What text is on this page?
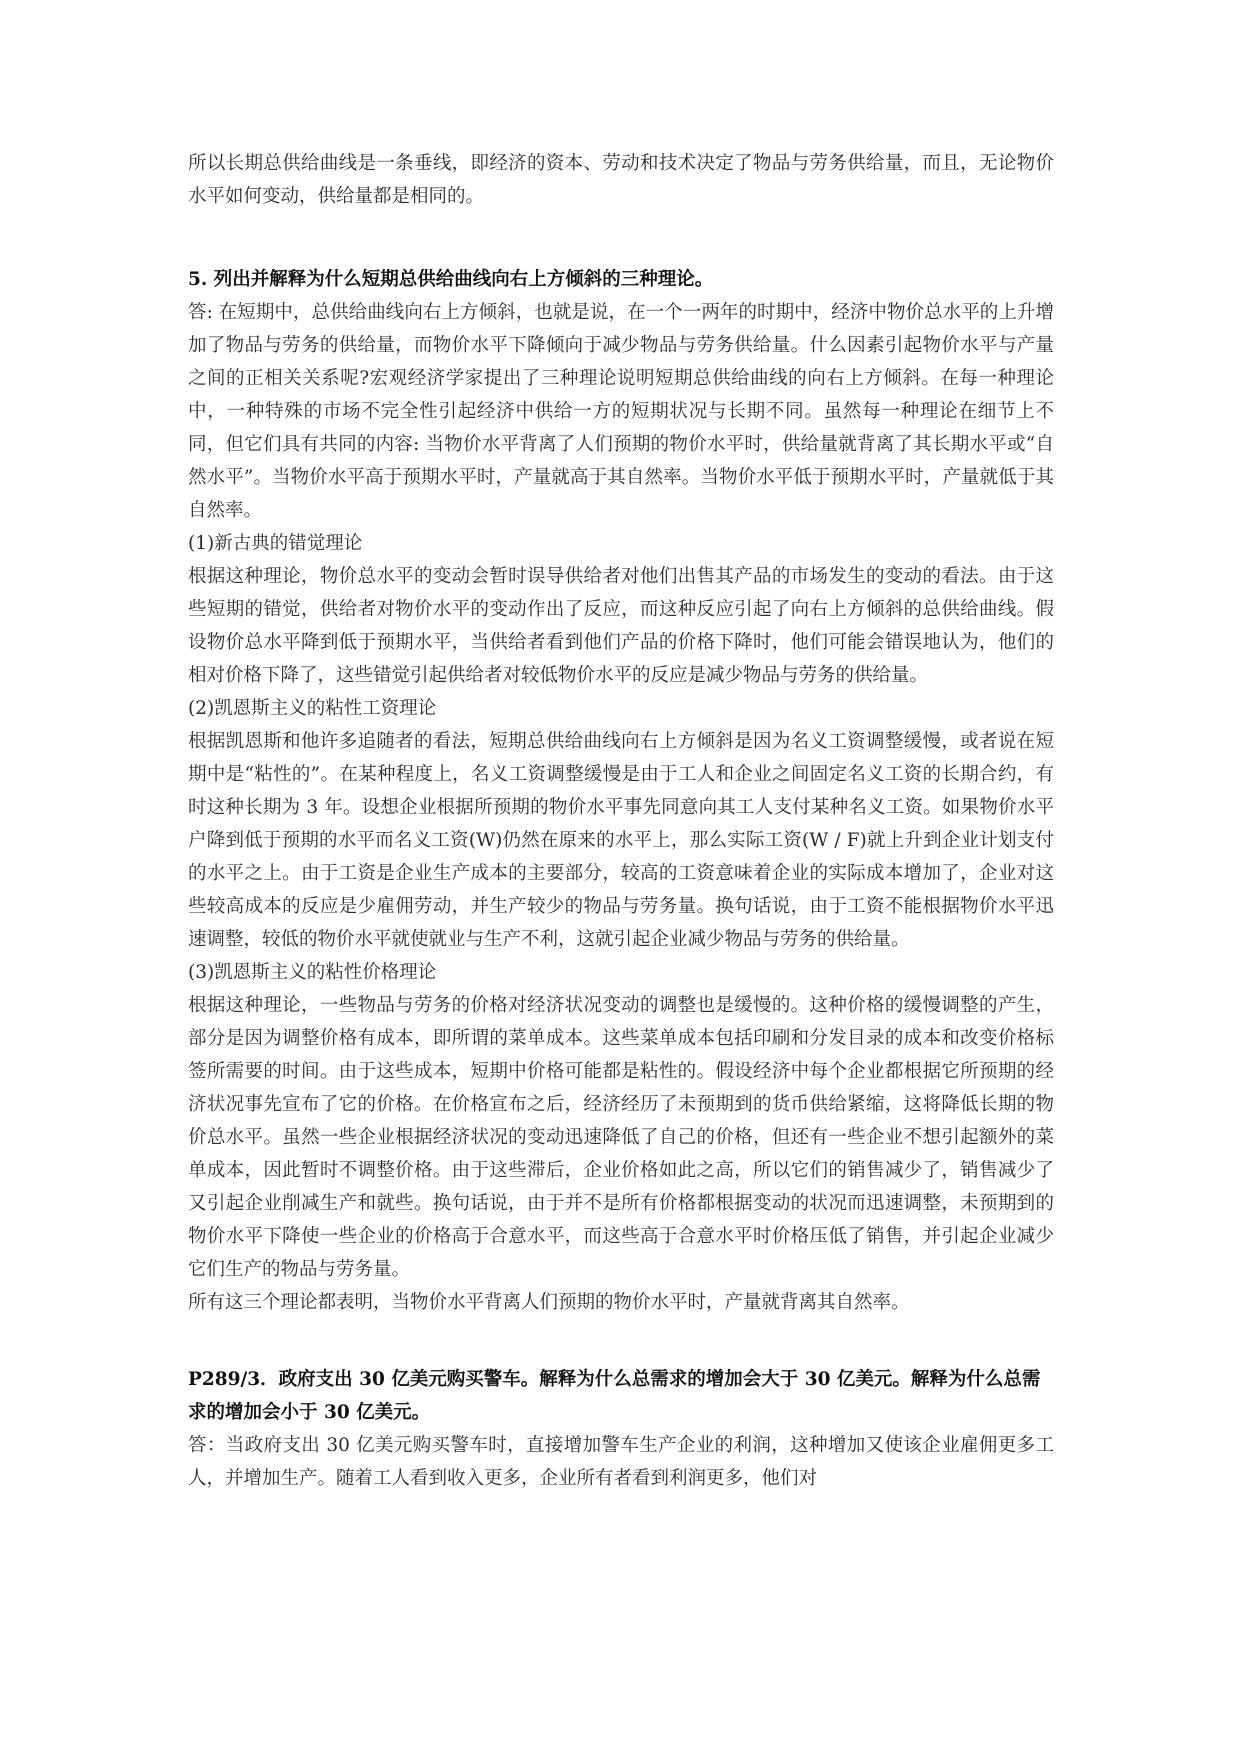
所以长期总供给曲线是一条垂线，即经济的资本、劳动和技术决定了物品与劳务供给量，而且，无论物价水平如何变动，供给量都是相同的。

5. 列出并解释为什么短期总供给曲线向右上方倾斜的三种理论。

答: 在短期中，总供给曲线向右上方倾斜，也就是说，在一个一两年的时期中，经济中物价总水平的上升增加了物品与劳务的供给量，而物价水平下降倾向于减少物品与劳务供给量。什么因素引起物价水平与产量之间的正相关关系呢?宏观经济学家提出了三种理论说明短期总供给曲线的向右上方倾斜。在每一种理论中，一种特殊的市场不完全性引起经济中供给一方的短期状况与长期不同。虽然每一种理论在细节上不同，但它们具有共同的内容: 当物价水平背离了人们预期的物价水平时，供给量就背离了其长期水平或“自然水平”。当物价水平高于预期水平时，产量就高于其自然率。当物价水平低于预期水平时，产量就低于其自然率。

(1)新古典的错觉理论

根据这种理论，物价总水平的变动会暂时误导供给者对他们出售其产品的市场发生的变动的看法。由于这些短期的错觉，供给者对物价水平的变动作出了反应，而这种反应引起了向右上方倾斜的总供给曲线。假设物价总水平降到低于预期水平，当供给者看到他们产品的价格下降时，他们可能会错误地认为，他们的相对价格下降了，这些错觉引起供给者对较低物价水平的反应是减少物品与劳务的供给量。

(2)凯恩斯主义的粘性工资理论

根据凯恩斯和他许多追随者的看法，短期总供给曲线向右上方倾斜是因为名义工资调整缓慢，或者说在短期中是“粘性的”。在某种程度上，名义工资调整缓慢是由于工人和企业之间固定名义工资的长期合约，有时这种长期为 3 年。设想企业根据所预期的物价水平事先同意向其工人支付某种名义工资。如果物价水平户降到低于预期的水平而名义工资(W)仍然在原来的水平上，那么实际工资(W / F)就上升到企业计划支付的水平之上。由于工资是企业生产成本的主要部分，较高的工资意味着企业的实际成本增加了，企业对这些较高成本的反应是少雇佣劳动，并生产较少的物品与劳务量。换句话说，由于工资不能根据物价水平迅速调整，较低的物价水平就使就业与生产不利，这就引起企业减少物品与劳务的供给量。

(3)凯恩斯主义的粘性价格理论

根据这种理论，一些物品与劳务的价格对经济状况变动的调整也是缓慢的。这种价格的缓慢调整的产生，部分是因为调整价格有成本，即所谓的菜单成本。这些菜单成本包括印刷和分发目录的成本和改变价格标签所需要的时间。由于这些成本，短期中价格可能都是粘性的。假设经济中每个企业都根据它所预期的经济状况事先宣布了它的价格。在价格宣布之后，经济经历了未预期到的货币供给紧缩，这将降低长期的物价总水平。虽然一些企业根据经济状况的变动迅速降低了自己的价格，但还有一些企业不想引起额外的菜单成本，因此暂时不调整价格。由于这些滞后，企业价格如此之高，所以它们的销售减少了，销售减少了又引起企业削减生产和就些。换句话说，由于并不是所有价格都根据变动的状况而迅速调整，未预期到的物价水平下降使一些企业的价格高于合意水平，而这些高于合意水平时价格压低了销售，并引起企业减少它们生产的物品与劳务量。

所有这三个理论都表明，当物价水平背离人们预期的物价水平时，产量就背离其自然率。

P289/3．政府支出 30 亿美元购买警车。解释为什么总需求的增加会大于 30 亿美元。解释为什么总需求的增加会小于 30 亿美元。

答：当政府支出 30 亿美元购买警车时，直接增加警车生产企业的利润，这种增加又使该企业雇佣更多工人，并增加生产。随着工人看到收入更多，企业所有者看到利润更多，他们对
